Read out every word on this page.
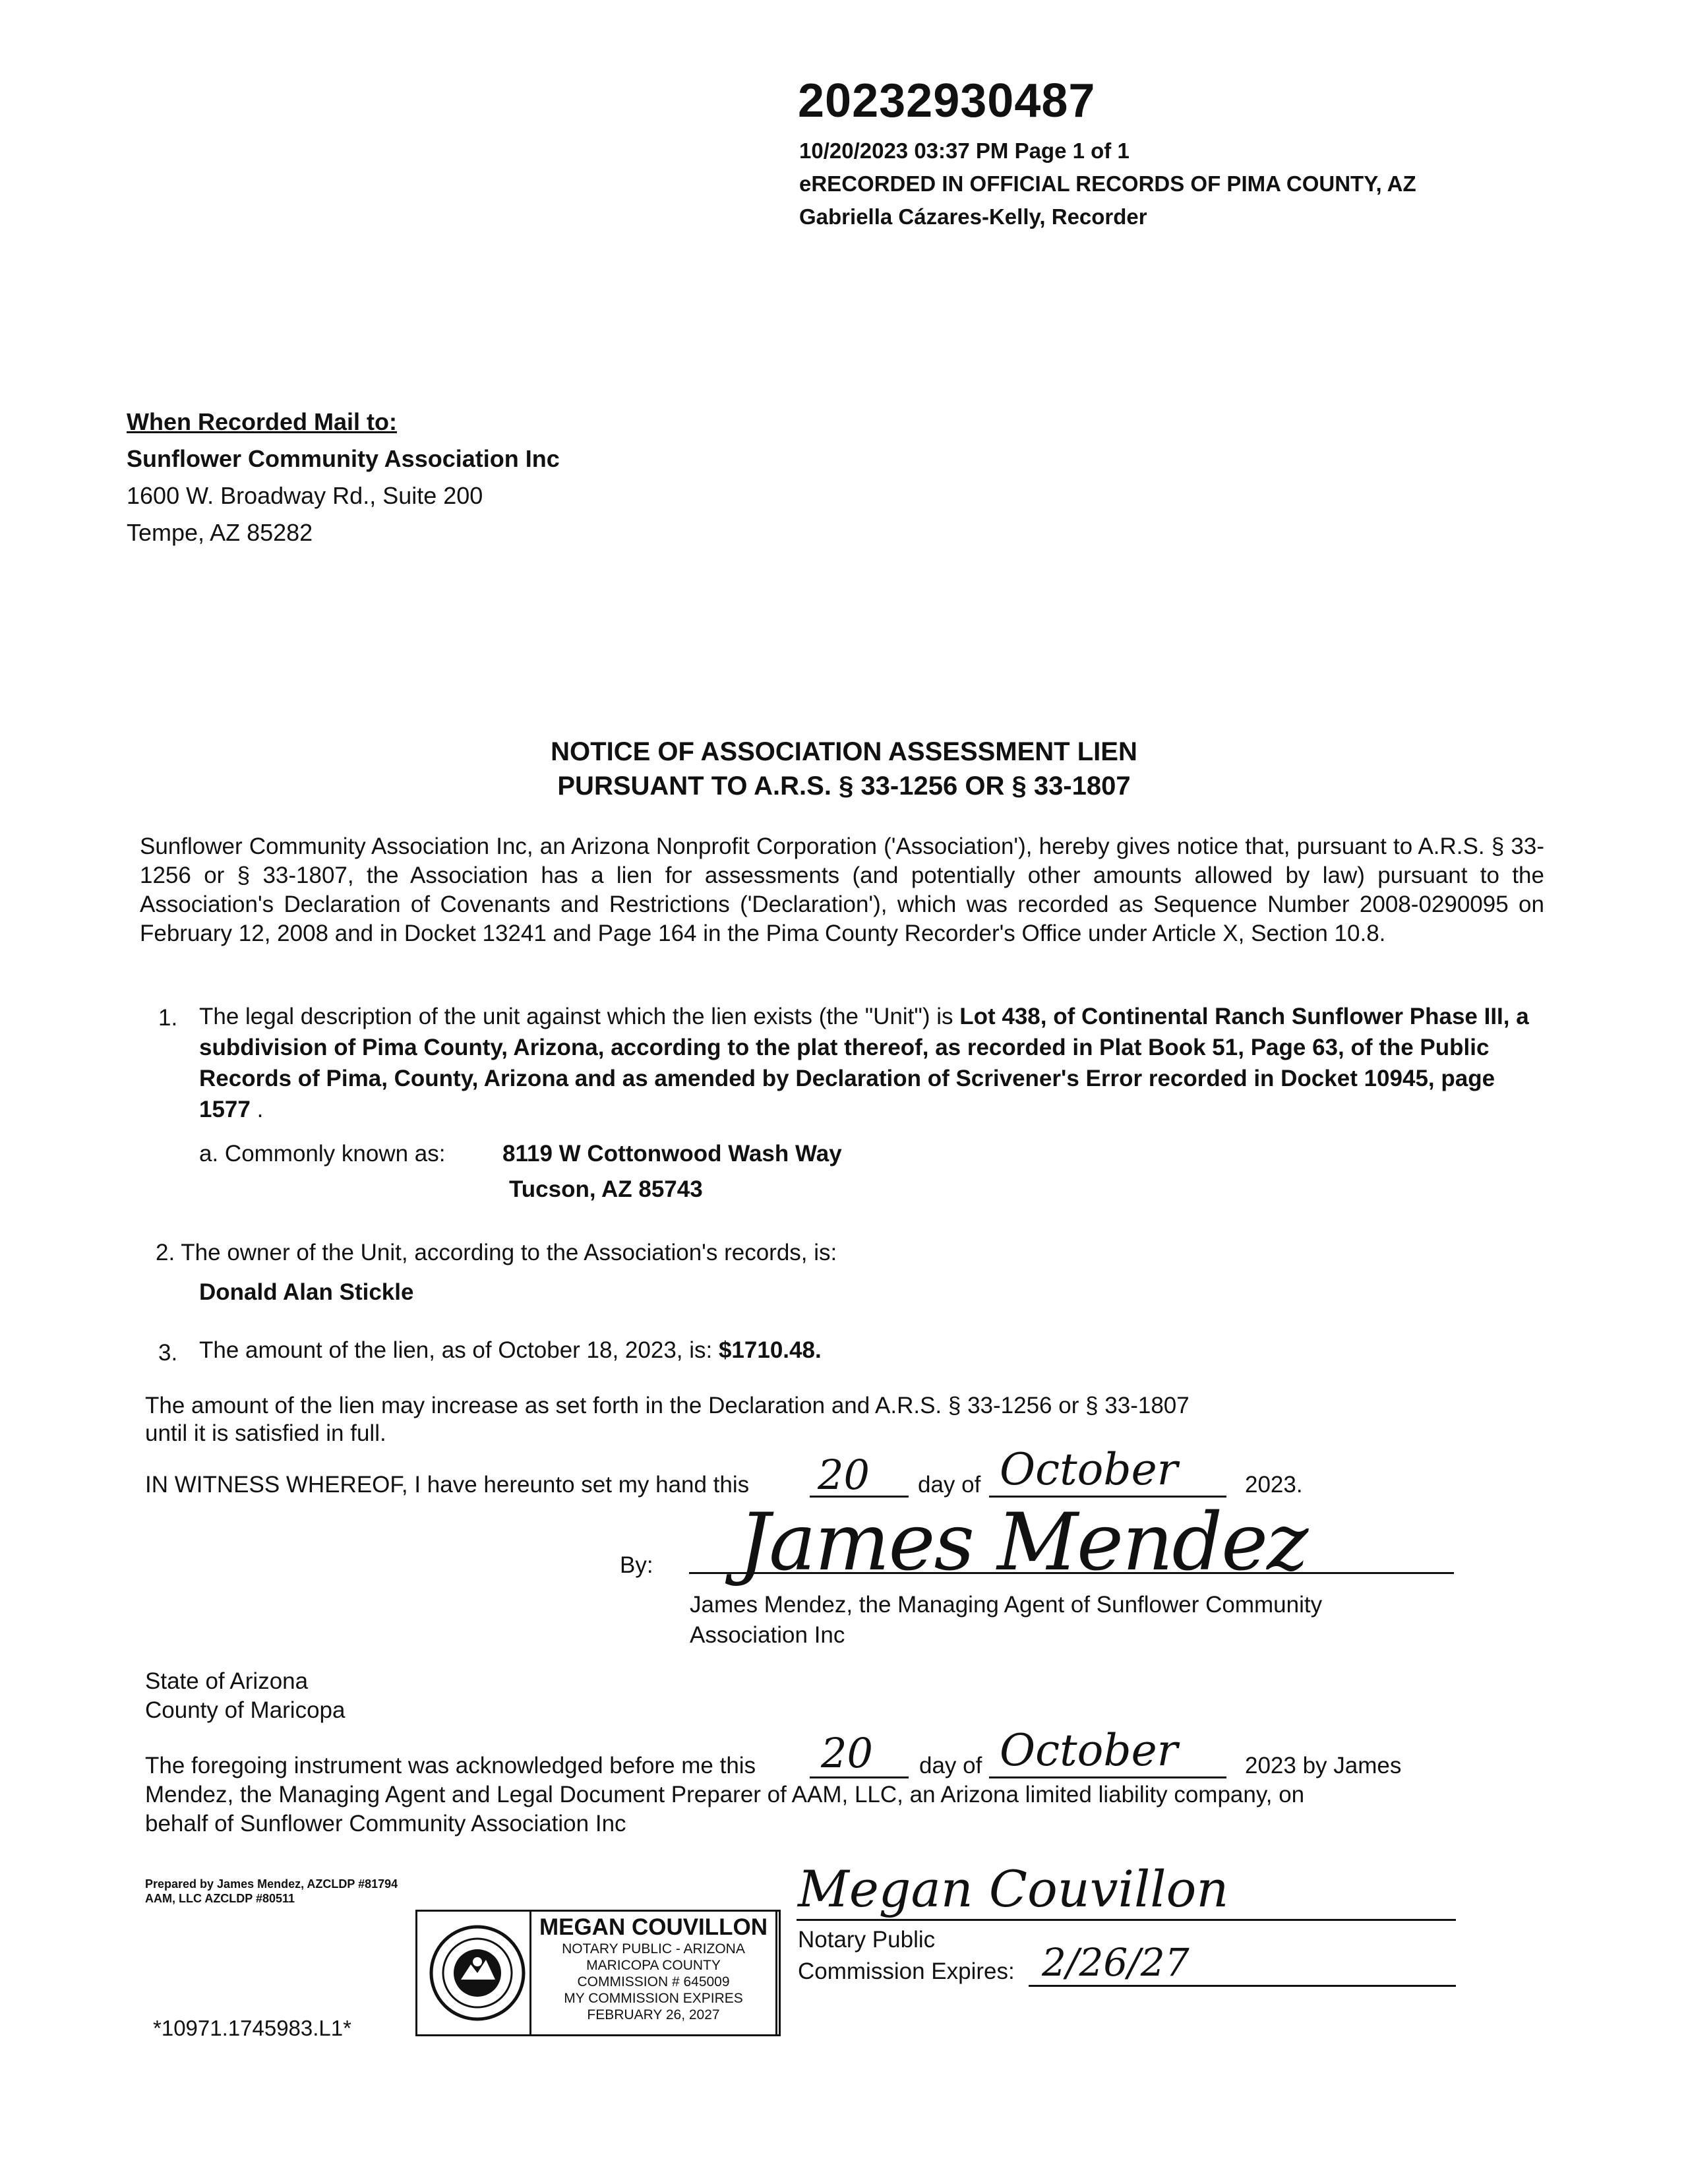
20232930487
10/20/2023 03:37 PM Page 1 of 1
eRECORDED IN OFFICIAL RECORDS OF PIMA COUNTY, AZ
Gabriella Cázares-Kelly, Recorder
When Recorded Mail to:
Sunflower Community Association Inc
1600 W. Broadway Rd., Suite 200
Tempe, AZ 85282
NOTICE OF ASSOCIATION ASSESSMENT LIEN
PURSUANT TO A.R.S. § 33-1256 OR § 33-1807
Sunflower Community Association Inc, an Arizona Nonprofit Corporation ('Association'), hereby gives notice that, pursuant to A.R.S. § 33-1256 or § 33-1807, the Association has a lien for assessments (and potentially other amounts allowed by law) pursuant to the Association's Declaration of Covenants and Restrictions ('Declaration'), which was recorded as Sequence Number 2008-0290095 on February 12, 2008 and in Docket 13241 and Page 164 in the Pima County Recorder's Office under Article X, Section 10.8.
1. The legal description of the unit against which the lien exists (the "Unit") is Lot 438, of Continental Ranch Sunflower Phase III, a subdivision of Pima County, Arizona, according to the plat thereof, as recorded in Plat Book 51, Page 63, of the Public Records of Pima, County, Arizona and as amended by Declaration of Scrivener's Error recorded in Docket 10945, page 1577 .
a. Commonly known as: 8119 W Cottonwood Wash Way
Tucson, AZ 85743
2. The owner of the Unit, according to the Association's records, is:
Donald Alan Stickle
3. The amount of the lien, as of October 18, 2023, is: $1710.48.
The amount of the lien may increase as set forth in the Declaration and A.R.S. § 33-1256 or § 33-1807
until it is satisfied in full.
IN WITNESS WHEREOF, I have hereunto set my hand this 20 day of October	2023.
By: James Mendez
James Mendez, the Managing Agent of Sunflower Community
Association Inc
State of Arizona
County of Maricopa
The foregoing instrument was acknowledged before me this 20 day of October	2023 by James
Mendez, the Managing Agent and Legal Document Preparer of AAM, LLC, an Arizona limited liability company, on
behalf of Sunflower Community Association Inc
Prepared by James Mendez, AZCLDP #81794
AAM, LLC AZCLDP #80511
*10971.1745983.L1*
MEGAN COUVILLON
NOTARY PUBLIC - ARIZONA
MARICOPA COUNTY
COMMISSION # 645009
MY COMMISSION EXPIRES
FEBRUARY 26, 2027
Megan Couvillon
Notary Public
Commission Expires: 2/26/27
